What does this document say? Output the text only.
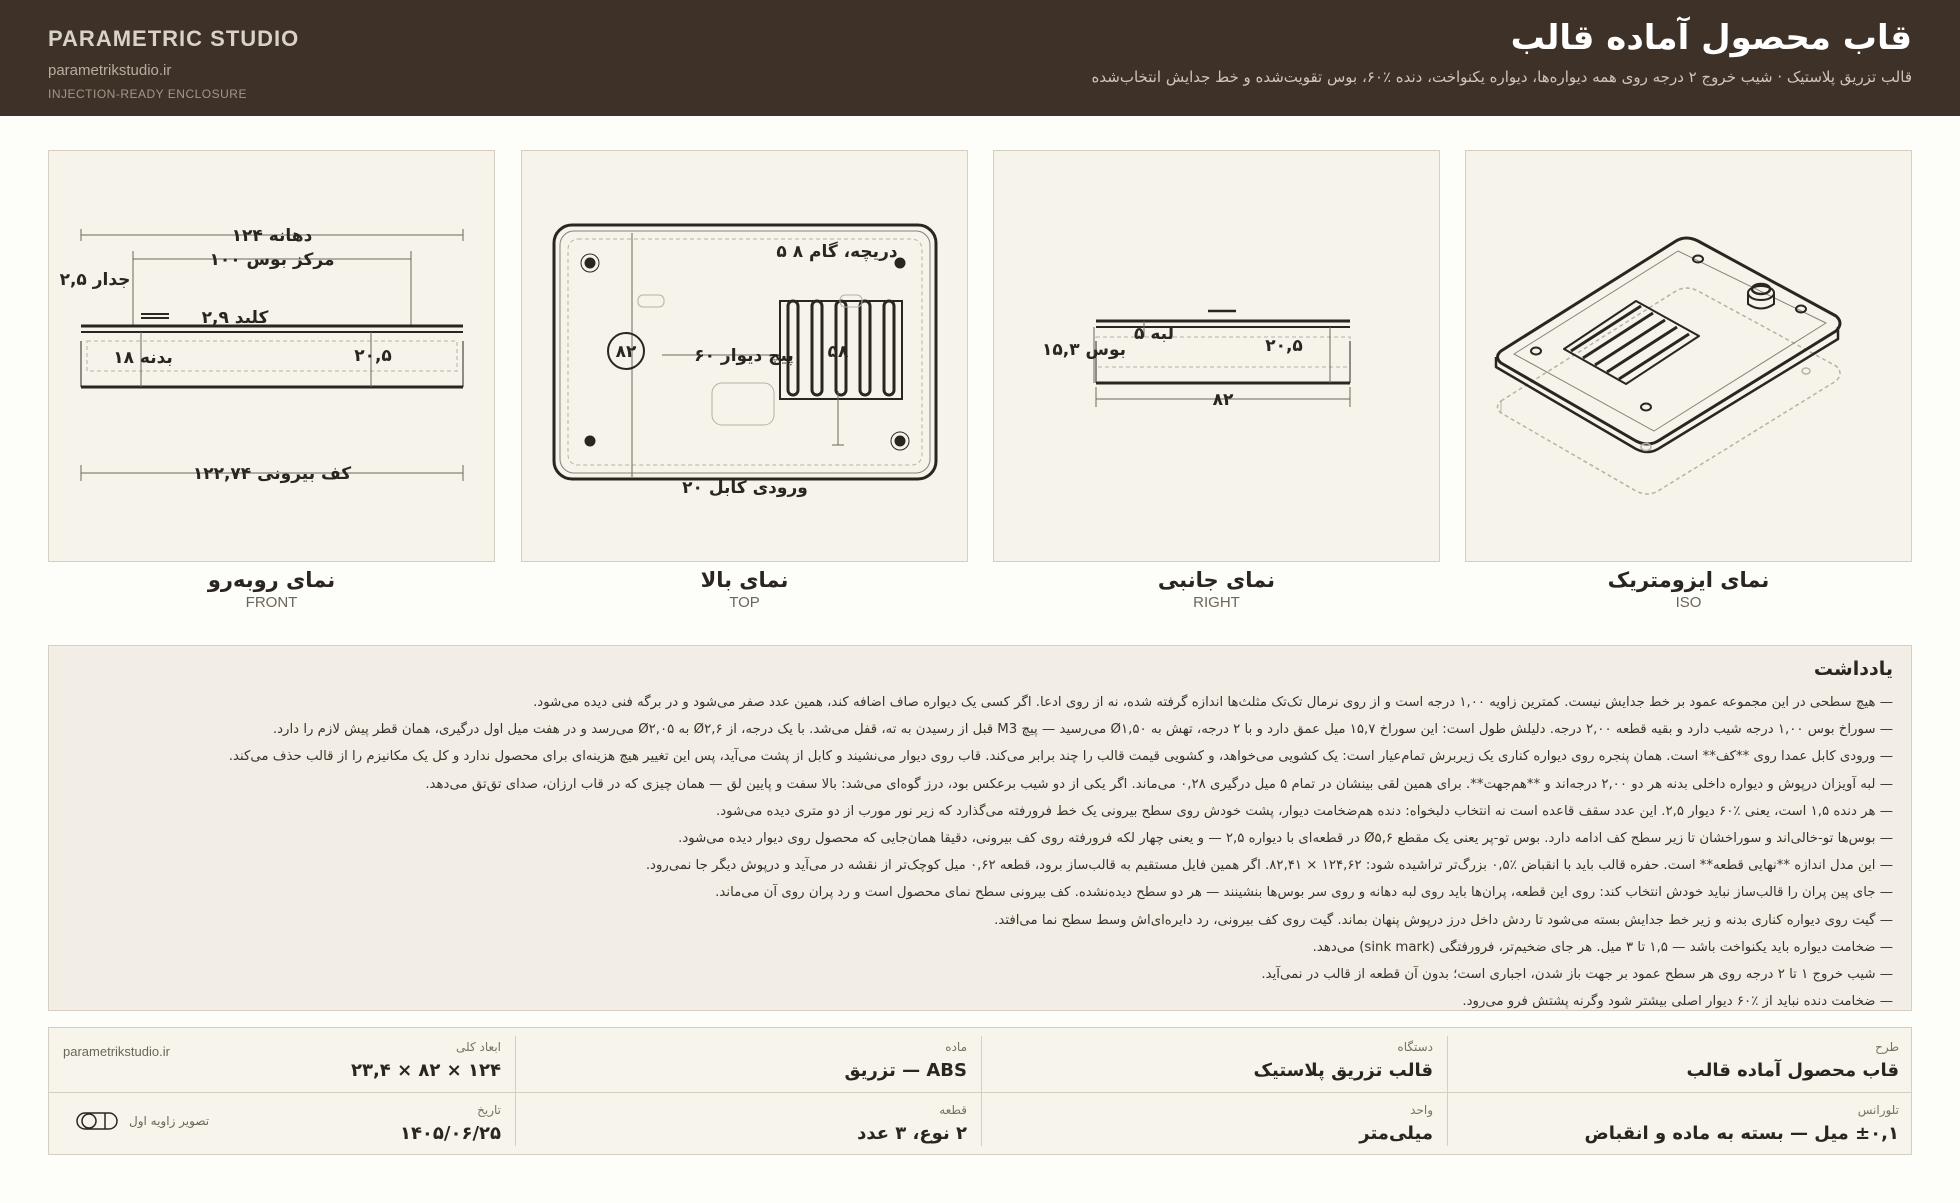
PARAMETRIC STUDIO
parametrikstudio.ir
INJECTION-READY ENCLOSURE
قاب محصول آماده قالب
قالب تزریق پلاستیک · شیب خروج ۲ درجه روی همه دیواره‌ها، دیواره یکنواخت، دنده ٪۶۰، بوس تقویت‌شده و خط جدایش انتخاب‌شده
نمای ایزومتریک
ISO
لبه ۵
۲۰,۵
بوس ۱۵,۳
۸۲
نمای جانبی
RIGHT
۵ دریچه، گام ۸
۵۸
۸۲	پیچ دیوار ۶۰
ورودی کابل ۲۰
نمای بالا
TOP
دهانه ۱۲۴
مرکز بوس ۱۰۰
جدار ۲,۵
کلید ۲,۹
بدنه ۱۸	۲۰,۵
کف بیرونی ۱۲۲,۷۴
نمای روبه‌رو
FRONT
یادداشت
— هیچ سطحی در این مجموعه عمود بر خط جدایش نیست. کمترین زاویه ۱,۰۰ درجه است و از روی نرمال تک‌تک مثلث‌ها اندازه گرفته شده، نه از روی ادعا. اگر کسی یک دیواره صاف اضافه کند، همین عدد صفر می‌شود و در برگه فنی دیده می‌شود.
— سوراخ بوس ۱,۰۰ درجه شیب دارد و بقیه قطعه ۲,۰۰ درجه. دلیلش طول است: این سوراخ ۱۵,۷ میل عمق دارد و با ۲ درجه، تهش به Ø۱,۵۰ می‌رسید — پیچ M3 قبل از رسیدن به ته، قفل می‌شد. با یک درجه، از Ø۲,۶ به Ø۲,۰۵ می‌رسد و در هفت میل اول درگیری، همان قطر پیش لازم را دارد.
— ورودی کابل عمدا روی **کف** است. همان پنجره روی دیواره کناری یک زیربرش تمام‌عیار است: یک کشویی می‌خواهد، و کشویی قیمت قالب را چند برابر می‌کند. قاب روی دیوار می‌نشیند و کابل از پشت می‌آید، پس این تغییر هیچ هزینه‌ای برای محصول ندارد و کل یک مکانیزم را از قالب حذف می‌کند.
— لبه آویزان درپوش و دیواره داخلی بدنه هر دو ۲,۰۰ درجه‌اند و **هم‌جهت**. برای همین لقی بینشان در تمام ۵ میل درگیری ۰,۲۸ می‌ماند. اگر یکی از دو شیب برعکس بود، درز گوه‌ای می‌شد: بالا سفت و پایین لق — همان چیزی که در قاب ارزان، صدای تق‌تق می‌دهد.
— هر دنده ۱,۵ است، یعنی ٪۶۰ دیوار ۲,۵. این عدد سقف قاعده است نه انتخاب دلبخواه: دنده هم‌ضخامت دیوار، پشت خودش روی سطح بیرونی یک خط فرورفته می‌گذارد که زیر نور مورب از دو متری دیده می‌شود.
— بوس‌ها تو-خالی‌اند و سوراخشان تا زیر سطح کف ادامه دارد. بوس تو-پر یعنی یک مقطع Ø۵,۶ در قطعه‌ای با دیواره ۲,۵ — و یعنی چهار لکه فرورفته روی کف بیرونی، دقیقا همان‌جایی که محصول روی دیوار دیده می‌شود.
— این مدل اندازه **نهایی قطعه** است. حفره قالب باید با انقباض ٪۰,۵ بزرگ‌تر تراشیده شود: ۱۲۴,۶۲ × ۸۲,۴۱. اگر همین فایل مستقیم به قالب‌ساز برود، قطعه ۰,۶۲ میل کوچک‌تر از نقشه در می‌آید و درپوش دیگر جا نمی‌رود.
— جای پین پران را قالب‌ساز نباید خودش انتخاب کند: روی این قطعه، پران‌ها باید روی لبه دهانه و روی سر بوس‌ها بنشینند — هر دو سطح دیده‌نشده. کف بیرونی سطح نمای محصول است و رد پران روی آن می‌ماند.
— گیت روی دیواره کناری بدنه و زیر خط جدایش بسته می‌شود تا ردش داخل درز درپوش پنهان بماند. گیت روی کف بیرونی، رد دایره‌ای‌اش وسط سطح نما می‌افتد.
— ضخامت دیواره باید یکنواخت باشد — ۱,۵ تا ۳ میل. هر جای ضخیم‌تر، فرورفتگی (sink mark) می‌دهد.
— شیب خروج ۱ تا ۲ درجه روی هر سطح عمود بر جهت باز شدن، اجباری است؛ بدون آن قطعه از قالب در نمی‌آید.
— ضخامت دنده نباید از ٪۶۰ دیوار اصلی بیشتر شود وگرنه پشتش فرو می‌رود.
طرح
قاب محصول آماده قالب
دستگاه
قالب تزریق پلاستیک
ماده
ABS — تزریق
ابعاد کلی
۱۲۴ × ۸۲ × ۲۳,۴
تلورانس
±۰,۱ میل — بسته به ماده و انقباض
واحد
میلی‌متر
قطعه
۲ نوع، ۳ عدد
تاریخ
۱۴۰۵/۰۶/۲۵
parametrikstudio.ir
تصویر زاویه اول
